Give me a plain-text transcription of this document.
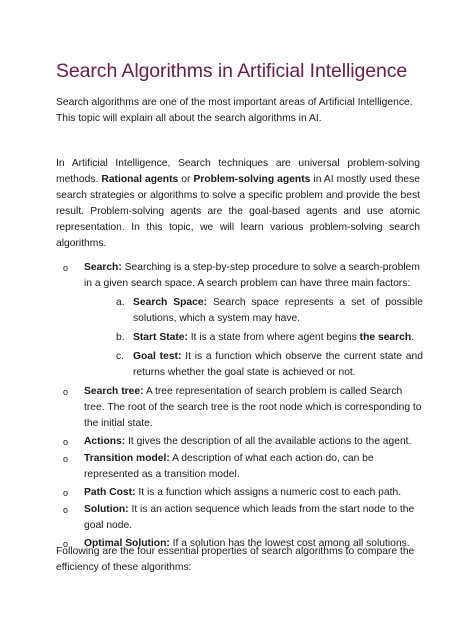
Search Algorithms in Artificial Intelligence

Search algorithms are one of the most important areas of Artificial Intelligence. This topic will explain all about the search algorithms in AI.

In Artificial Intelligence, Search techniques are universal problem-solving methods. Rational agents or Problem-solving agents in AI mostly used these search strategies or algorithms to solve a specific problem and provide the best result. Problem-solving agents are the goal-based agents and use atomic representation. In this topic, we will learn various problem-solving search algorithms.

o Search: Searching is a step-by-step procedure to solve a search-problem in a given search space. A search problem can have three main factors:
a. Search Space: Search space represents a set of possible solutions, which a system may have.
b. Start State: It is a state from where agent begins the search.
c. Goal test: It is a function which observe the current state and returns whether the goal state is achieved or not.
o Search tree: A tree representation of search problem is called Search tree. The root of the search tree is the root node which is corresponding to the initial state.
o Actions: It gives the description of all the available actions to the agent.
o Transition model: A description of what each action do, can be represented as a transition model.
o Path Cost: It is a function which assigns a numeric cost to each path.
o Solution: It is an action sequence which leads from the start node to the goal node.
o Optimal Solution: If a solution has the lowest cost among all solutions.

Following are the four essential properties of search algorithms to compare the efficiency of these algorithms:
